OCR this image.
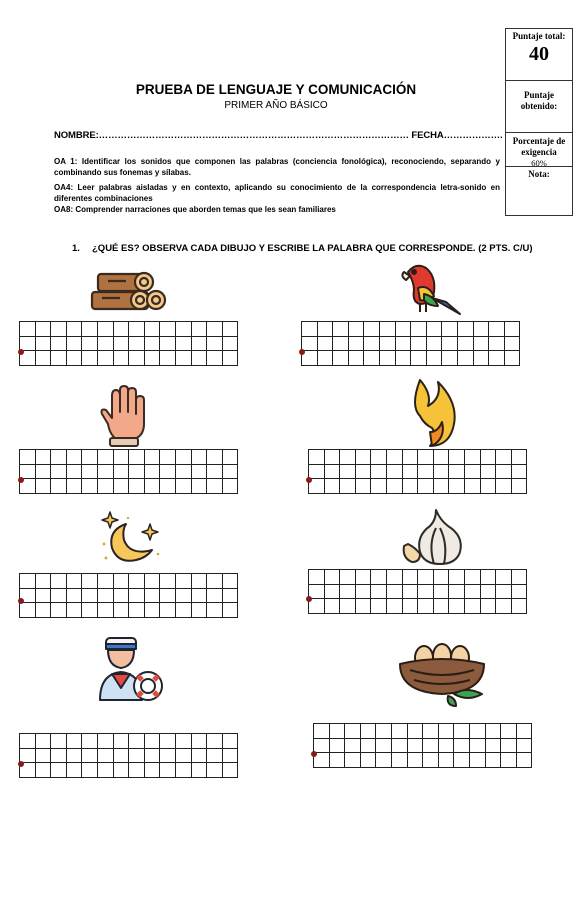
Puntaje total:
40
Puntaje obtenido:
Porcentaje de exigencia
60%
Nota:
PRUEBA DE LENGUAJE Y COMUNICACIÓN
PRIMER AÑO BÁSICO
NOMBRE:……………………………………………………………………………………… FECHA……………….
OA 1: Identificar los sonidos que componen las palabras (conciencia fonológica), reconociendo, separando y combinando sus fonemas y sílabas.
OA4: Leer palabras aisladas y en contexto, aplicando su conocimiento de la correspondencia letra-sonido en diferentes combinaciones
OA8: Comprender narraciones que aborden temas que les sean familiares
1. ¿QUÉ ES? OBSERVA CADA DIBUJO Y ESCRIBE LA PALABRA QUE CORRESPONDE. (2 PTS. C/U)
